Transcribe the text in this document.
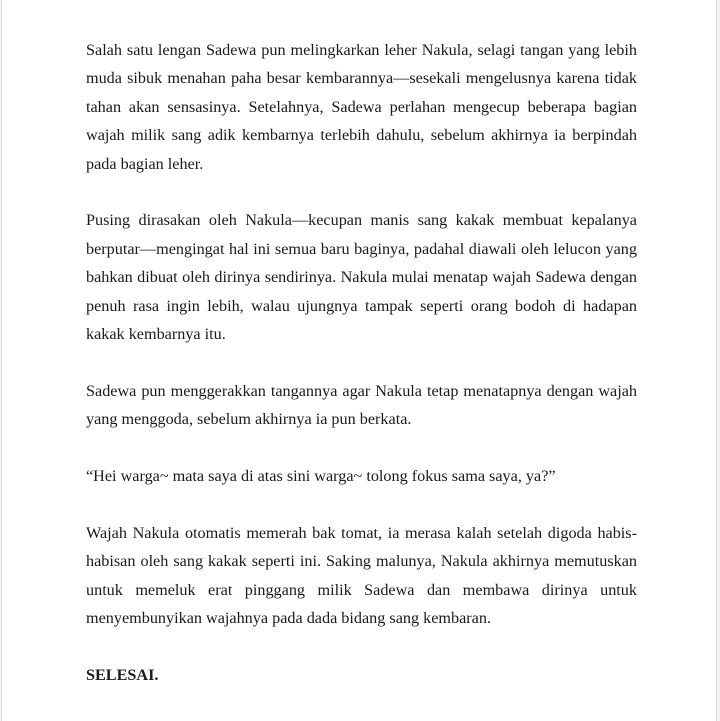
Salah satu lengan Sadewa pun melingkarkan leher Nakula, selagi tangan yang lebih muda sibuk menahan paha besar kembarannya—sesekali mengelusnya karena tidak tahan akan sensasinya. Setelahnya, Sadewa perlahan mengecup beberapa bagian wajah milik sang adik kembarnya terlebih dahulu, sebelum akhirnya ia berpindah pada bagian leher.

Pusing dirasakan oleh Nakula—kecupan manis sang kakak membuat kepalanya berputar—mengingat hal ini semua baru baginya, padahal diawali oleh lelucon yang bahkan dibuat oleh dirinya sendirinya. Nakula mulai menatap wajah Sadewa dengan penuh rasa ingin lebih, walau ujungnya tampak seperti orang bodoh di hadapan kakak kembarnya itu.

Sadewa pun menggerakkan tangannya agar Nakula tetap menatapnya dengan wajah yang menggoda, sebelum akhirnya ia pun berkata.

“Hei warga~ mata saya di atas sini warga~ tolong fokus sama saya, ya?”

Wajah Nakula otomatis memerah bak tomat, ia merasa kalah setelah digoda habis-habisan oleh sang kakak seperti ini. Saking malunya, Nakula akhirnya memutuskan untuk memeluk erat pinggang milik Sadewa dan membawa dirinya untuk menyembunyikan wajahnya pada dada bidang sang kembaran.

SELESAI.
